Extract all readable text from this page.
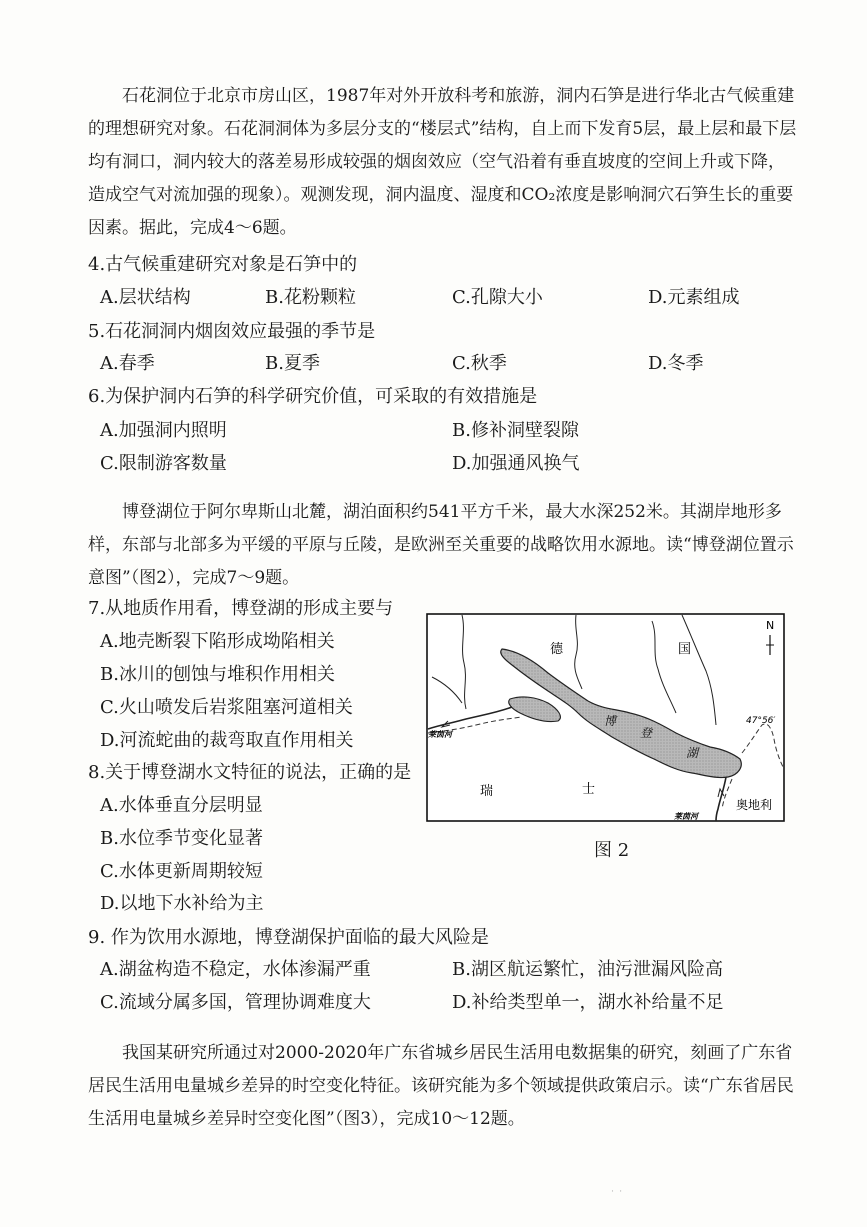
石花洞位于北京市房山区，1987年对外开放科考和旅游，洞内石笋是进行华北古气候重建的理想研究对象。石花洞洞体为多层分支的“楼层式”结构，自上而下发育5层，最上层和最下层均有洞口，洞内较大的落差易形成较强的烟囱效应（空气沿着有垂直坡度的空间上升或下降，造成空气对流加强的现象）。观测发现，洞内温度、湿度和CO₂浓度是影响洞穴石笋生长的重要因素。据此，完成4～6题。

4.古气候重建研究对象是石笋中的

A.层状结构	B.花粉颗粒	C.孔隙大小	D.元素组成

5.石花洞洞内烟囱效应最强的季节是

A.春季	B.夏季	C.秋季	D.冬季

6.为保护洞内石笋的科学研究价值，可采取的有效措施是

A.加强洞内照明	B.修补洞壁裂隙

C.限制游客数量	D.加强通风换气

博登湖位于阿尔卑斯山北麓，湖泊面积约541平方千米，最大水深252米。其湖岸地形多样，东部与北部多为平缓的平原与丘陵，是欧洲至关重要的战略饮用水源地。读“博登湖位置示意图”（图2），完成7～9题。

7.从地质作用看，博登湖的形成主要与

A.地壳断裂下陷形成坳陷相关

B.冰川的刨蚀与堆积作用相关

C.火山喷发后岩浆阻塞河道相关

D.河流蛇曲的裁弯取直作用相关

8.关于博登湖水文特征的说法，正确的是

A.水体垂直分层明显

B.水位季节变化显著

C.水体更新周期较短

D.以地下水补给为主

9. 作为饮用水源地，博登湖保护面临的最大风险是

A.湖盆构造不稳定，水体渗漏严重	B.湖区航运繁忙，油污泄漏风险高

C.流域分属多国，管理协调难度大	D.补给类型单一，湖水补给量不足

N
47°56′
德	国
瑞	士
奥地利
博
登
湖
莱茵河
莱茵河
图 2

我国某研究所通过对2000-2020年广东省城乡居民生活用电数据集的研究，刻画了广东省居民生活用电量城乡差异的时空变化特征。该研究能为多个领域提供政策启示。读“广东省居民生活用电量城乡差异时空变化图”（图3），完成10～12题。

˙ ˙
